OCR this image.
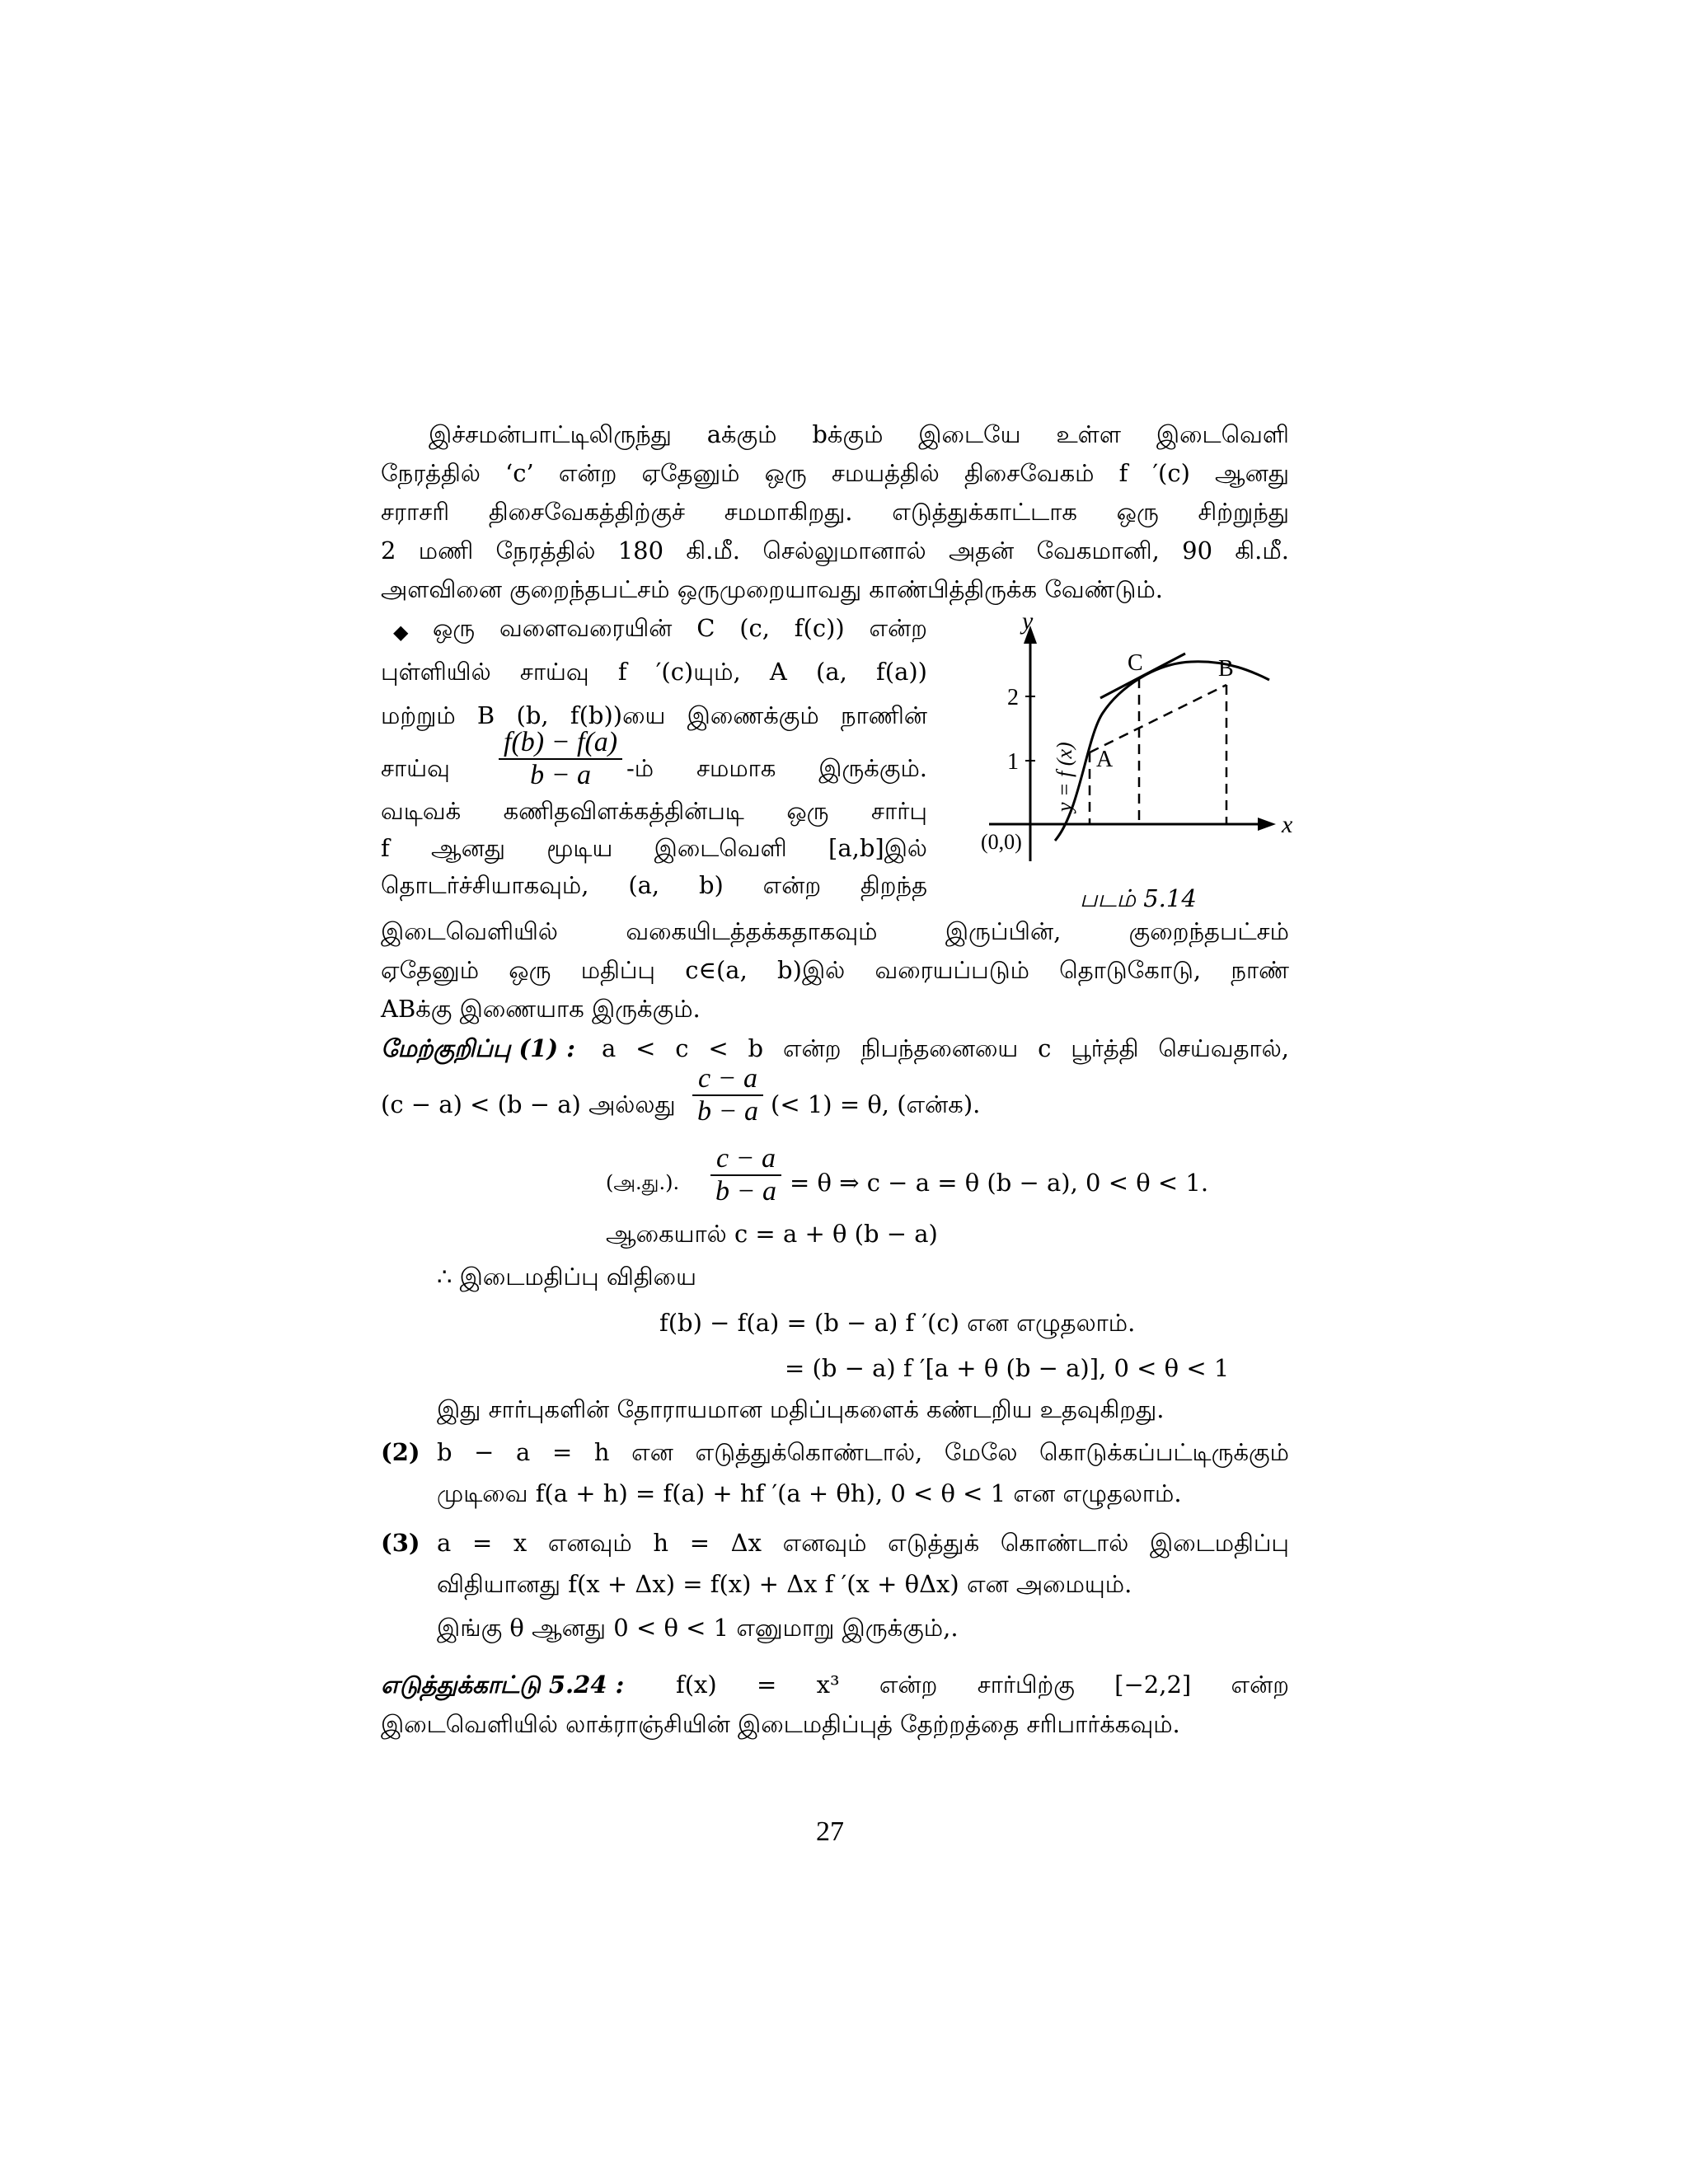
இச்சமன்பாட்டிலிருந்து aக்கும் bக்கும் இடையே உள்ள இடைவெளி
நேரத்தில் ‘c’ என்ற ஏதேனும் ஒரு சமயத்தில் திசைவேகம் f ′(c) ஆனது
சராசரி திசைவேகத்திற்குச் சமமாகிறது. எடுத்துக்காட்டாக ஒரு சிற்றுந்து
2 மணி நேரத்தில் 180 கி.மீ. செல்லுமானால் அதன் வேகமானி, 90 கி.மீ.
அளவினை குறைந்தபட்சம் ஒருமுறையாவது காண்பித்திருக்க வேண்டும்.
◆ ஒரு வளைவரையின் C (c, f(c)) என்ற
புள்ளியில் சாய்வு f ′(c)யும், A (a, f(a))
மற்றும் B (b, f(b))யை இணைக்கும் நாணின்
சாய்வு $\frac{f(b) - f(a)}{b - a}$ -ம் சமமாக இருக்கும்.
வடிவக் கணிதவிளக்கத்தின்படி ஒரு சார்பு
f ஆனது மூடிய இடைவெளி [a,b]இல்
தொடர்ச்சியாகவும், (a, b) என்ற திறந்த
1
2
y
x
(0,0)
A
B
C
y = f (x)
படம் 5.14
இடைவெளியில் வகையிடத்தக்கதாகவும் இருப்பின், குறைந்தபட்சம்
ஏதேனும் ஒரு மதிப்பு c∈(a, b)இல் வரையப்படும் தொடுகோடு, நாண்
ABக்கு இணையாக இருக்கும்.
மேற்குறிப்பு (1) : a < c < b என்ற நிபந்தனையை c பூர்த்தி செய்வதால்,
(c − a) < (b − a) அல்லது $\frac{c - a}{b - a}$ (< 1) = θ, (என்க).
(அ.து.). $\frac{c - a}{b - a} = \theta$ ⇒ c − a = θ (b − a), 0 < θ < 1.
ஆகையால் c = a + θ (b − a)
∴ இடைமதிப்பு விதியை
f(b) − f(a) = (b − a) f ′(c) என எழுதலாம்.
= (b − a) f ′[a + θ (b − a)], 0 < θ < 1
இது சார்புகளின் தோராயமான மதிப்புகளைக் கண்டறிய உதவுகிறது.
(2) b − a = h என எடுத்துக்கொண்டால், மேலே கொடுக்கப்பட்டிருக்கும்
முடிவை f(a + h) = f(a) + hf ′(a + θh), 0 < θ < 1 என எழுதலாம்.
(3) a = x எனவும் h = Δx எனவும் எடுத்துக் கொண்டால் இடைமதிப்பு
விதியானது f(x + Δx) = f(x) + Δx f ′(x + θΔx) என அமையும்.
இங்கு θ ஆனது 0 < θ < 1 எனுமாறு இருக்கும்,.
எடுத்துக்காட்டு 5.24 : f(x) = x³ என்ற சார்பிற்கு [−2,2] என்ற
இடைவெளியில் லாக்ராஞ்சியின் இடைமதிப்புத் தேற்றத்தை சரிபார்க்கவும்.
27
